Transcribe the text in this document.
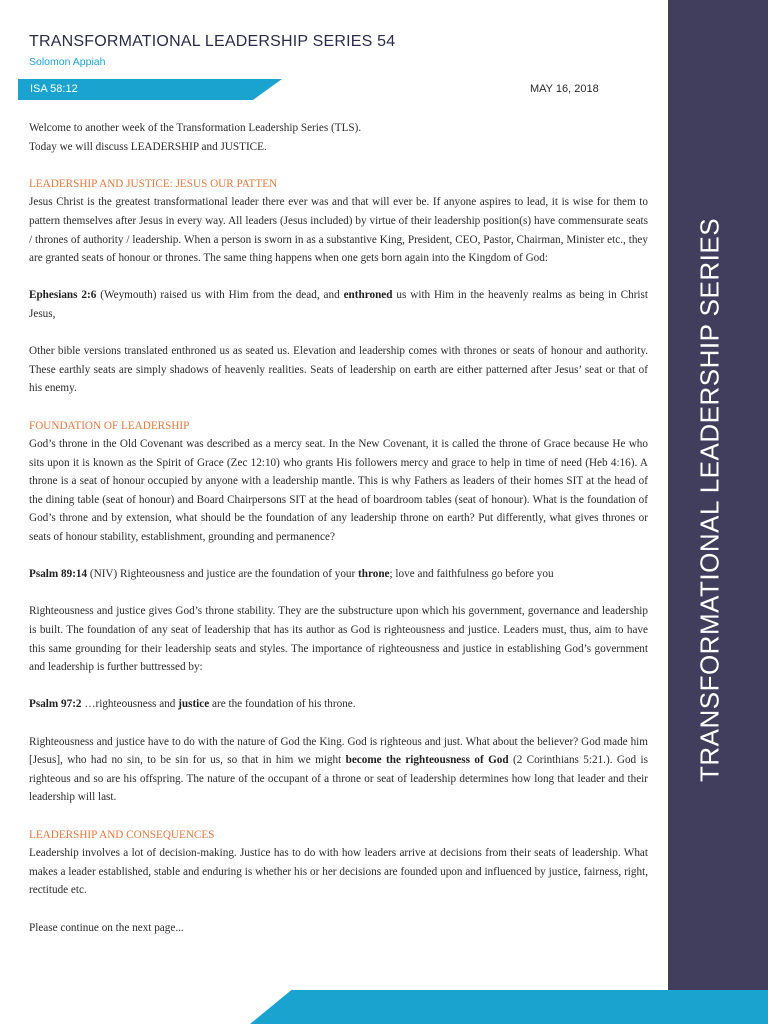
TRANSFORMATIONAL LEADERSHIP SERIES
TRANSFORMATIONAL LEADERSHIP SERIES 54
Solomon Appiah
ISA 58:12	MAY 16, 2018

Welcome to another week of the Transformation Leadership Series (TLS).

Today we will discuss LEADERSHIP and JUSTICE.

LEADERSHIP AND JUSTICE: JESUS OUR PATTEN

Jesus Christ is the greatest transformational leader there ever was and that will ever be. If anyone aspires to lead, it is wise for them to pattern themselves after Jesus in every way. All leaders (Jesus included) by virtue of their leadership position(s) have commensurate seats / thrones of authority / leadership. When a person is sworn in as a substantive King, President, CEO, Pastor, Chairman, Minister etc., they are granted seats of honour or thrones. The same thing happens when one gets born again into the Kingdom of God:

Ephesians 2:6 (Weymouth) raised us with Him from the dead, and enthroned us with Him in the heavenly realms as being in Christ Jesus,

Other bible versions translated enthroned us as seated us. Elevation and leadership comes with thrones or seats of honour and authority. These earthly seats are simply shadows of heavenly realities. Seats of leadership on earth are either patterned after Jesus’ seat or that of his enemy.

FOUNDATION OF LEADERSHIP

God’s throne in the Old Covenant was described as a mercy seat. In the New Covenant, it is called the throne of Grace because He who sits upon it is known as the Spirit of Grace (Zec 12:10) who grants His followers mercy and grace to help in time of need (Heb 4:16). A throne is a seat of honour occupied by anyone with a leadership mantle. This is why Fathers as leaders of their homes SIT at the head of the dining table (seat of honour) and Board Chairpersons SIT at the head of boardroom tables (seat of honour). What is the foundation of God’s throne and by extension, what should be the foundation of any leadership throne on earth? Put differently, what gives thrones or seats of honour stability, establishment, grounding and permanence?

Psalm 89:14 (NIV) Righteousness and justice are the foundation of your throne; love and faithfulness go before you

Righteousness and justice gives God’s throne stability. They are the substructure upon which his government, governance and leadership is built. The foundation of any seat of leadership that has its author as God is righteousness and justice. Leaders must, thus, aim to have this same grounding for their leadership seats and styles. The importance of righteousness and justice in establishing God’s government and leadership is further buttressed by:

Psalm 97:2 …righteousness and justice are the foundation of his throne.

Righteousness and justice have to do with the nature of God the King. God is righteous and just. What about the believer? God made him [Jesus], who had no sin, to be sin for us, so that in him we might become the righteousness of God (2 Corinthians 5:21.). God is righteous and so are his offspring. The nature of the occupant of a throne or seat of leadership determines how long that leader and their leadership will last.

LEADERSHIP AND CONSEQUENCES

Leadership involves a lot of decision-making. Justice has to do with how leaders arrive at decisions from their seats of leadership. What makes a leader established, stable and enduring is whether his or her decisions are founded upon and influenced by justice, fairness, right, rectitude etc.

Please continue on the next page...
